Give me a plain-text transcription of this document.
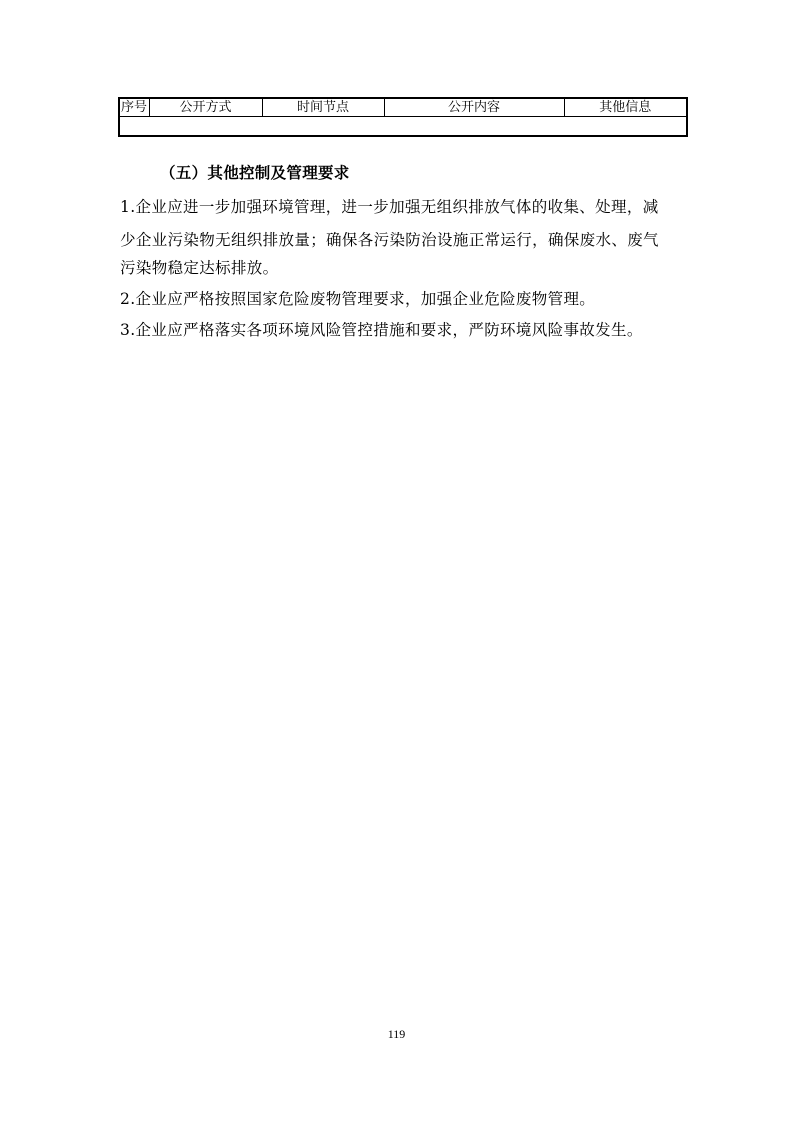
序号	公开方式	时间节点	公开内容	其他信息

（五）其他控制及管理要求

1.企业应进一步加强环境管理，进一步加强无组织排放气体的收集、处理，减

少企业污染物无组织排放量；确保各污染防治设施正常运行，确保废水、废气

污染物稳定达标排放。

2.企业应严格按照国家危险废物管理要求，加强企业危险废物管理。

3.企业应严格落实各项环境风险管控措施和要求，严防环境风险事故发生。

119
